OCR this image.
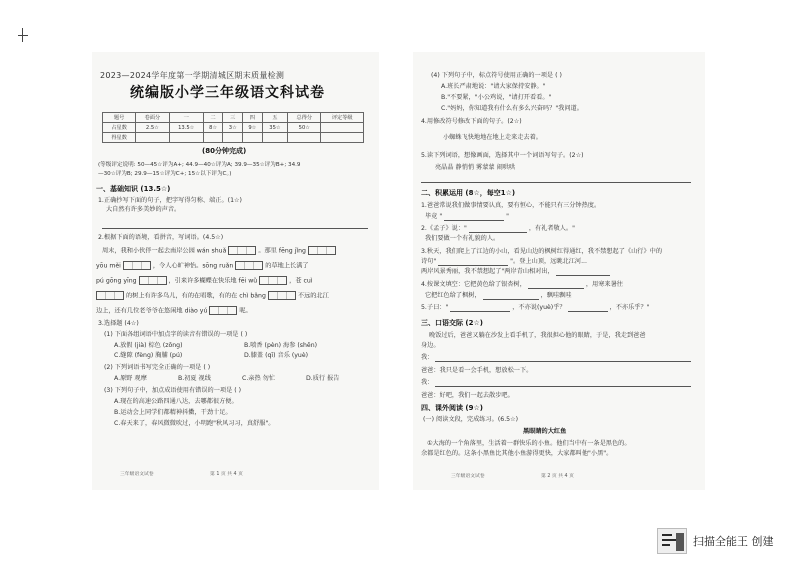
2023—2024学年度第一学期清城区期末质量检测
统编版小学三年级语文科试卷
题号	卷面分	一	二	三	四	五	总得分	评定等级
占星数	2.5☆	13.5☆	8☆	3☆	9☆	35☆	50☆	
得星数								
(80分钟完成)
(等级评定说明: 50—45☆评为A+; 44.9—40☆评为A; 39.9—35☆评为B+; 34.9
—30☆评为B; 29.9—15☆评为C+; 15☆以下评为C。)
一、基础知识 (13.5☆)
1.正确抄写下面的句子，把字写得匀称、端正。(1☆)
大自然有许多美妙的声音。
2.根据下面的语境，看拼音，写词语。(4.5☆)
周末，我和小伙伴一起去南岸公园 wán shuǎ	。那里 fēng jǐng
yōu měi	，令人心旷神怡。sōng ruǎn	的草地上长满了
pú gōng yīng	，引来许多蝴蝶在快乐地 fēi wǔ	，苍 cuì
的树上有许多鸟儿，有的在唱歌，有的在 chì bǎng	不远的北江
边上，还有几位老爷爷在悠闲地 diào yú	呢。
3.选择题 (4☆)
(1) 下面各组词语中加点字的读音有错误的一项是 ( )
A.放假 (jià) 棕色 (zōng)	B.喷香 (pèn) 海参 (shēn)
C.缝隙 (fèng) 胸脯 (pú)	D.膝盖 (qī) 音乐 (yuè)
(2) 下列词语书写完全正确的一项是 ( )
A.原野 观摩	B.初夏 视线	C.亲热 勿忙	D.质行 报告
(3) 下列句子中，加点成语使用有错误的一项是 ( )
A.现在的高速公路四通八达，去哪都很方便。
B.运动会上同学们都精神抖擞，干劲十足。
C.春天来了，春风微微吹过，小明跑"秋风习习，真舒服"。
三年级语文试卷	第 1 页 共 4 页
(4) 下列句子中，标点符号使用正确的一项是 ( )
A.班长严肃地说："请大家保持安静。"
B."不要紧，"小公鸡说，"请打开看看。"
C."妈妈，你知道我有什么有多么兴奋吗？"我问道。
4.用修改符号修改下面的句子。(2☆)
小蜘蛛飞快地地在地上走来走去着。
5.读下列词语，想像画面，选择其中一个词语写句子。(2☆)
亮晶晶 静悄悄 雾蒙蒙 闹哄哄
二、积累运用 (8☆，每空1☆)
1.爸爸常说我们做事情要认真，要有恒心，不能只有三分钟热度。
毕竟 "	"
2.《孟子》说："	，有礼者敬人。"
我们要做一个有礼貌的人。
3.秋天，我们爬上了江边的小山，看见山边的枫树红得通红，我不禁想起了《山行》中的
诗句"	"。登上山顶，远眺北江河...
两岸风景秀丽，我不禁想起了"两岸青山相对出，
4.按课文填空：它把黄色给了银杏树，	，用寒来暑往
它把红色给了枫树，	，飘哇飘哇
5.子曰："	，不亦说(yuè)乎？	，不亦乐乎？"
三、口语交际 (2☆)
晚饭过后，爸爸又躺在沙发上看手机了，我很担心他的眼睛，于是，我走到爸爸
身边。
我：
爸爸：我只是看一会手机，想放松一下。
我：
爸爸：好吧，我们一起去散步吧。
四、课外阅读 (9☆)
(一) 阅读文段，完成练习。(6.5☆)
黑眼睛的大红鱼
①大海的一个角落里，生活着一群快乐的小鱼。他们当中有一条是黑色的。
余都是红色的。这条小黑鱼比其他小鱼游得更快，大家都叫他"小黑"。
三年级语文试卷	第 2 页 共 4 页
扫描全能王 创建
